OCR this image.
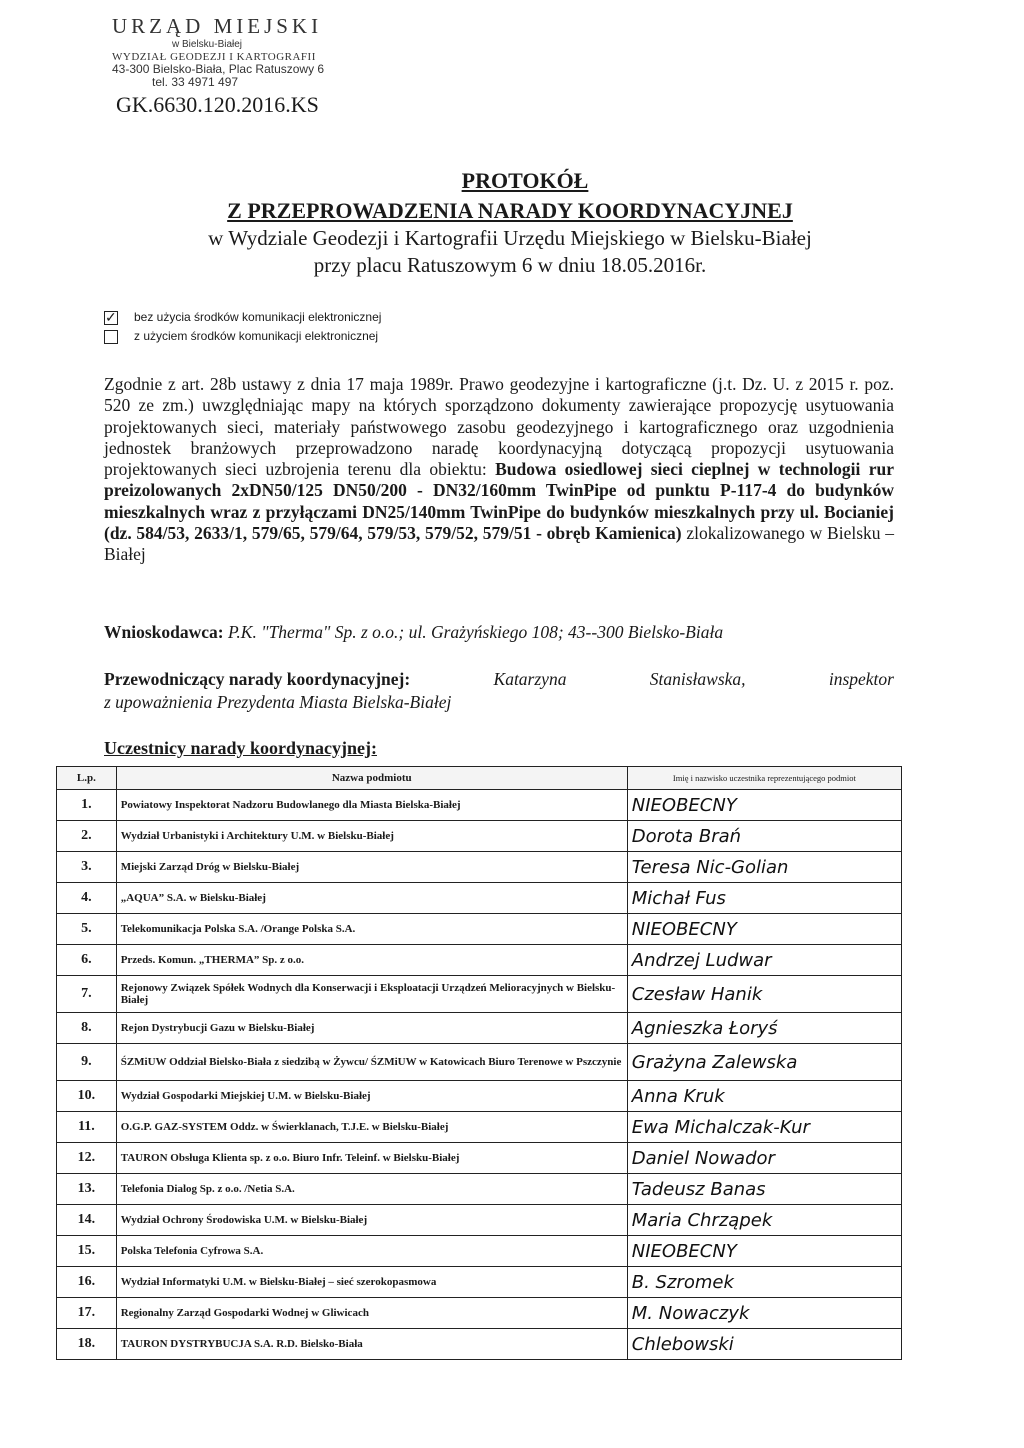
URZĄD MIEJSKI
w Bielsku-Białej
WYDZIAŁ GEODEZJI I KARTOGRAFII
43-300 Bielsko-Biała, Plac Ratuszowy 6
tel. 33 4971 497
GK.6630.120.2016.KS
PROTOKÓŁ
Z PRZEPROWADZENIA NARADY KOORDYNACYJNEJ
w Wydziale Geodezji i Kartografii Urzędu Miejskiego w Bielsku-Białej
przy placu Ratuszowym 6 w dniu 18.05.2016r.
✓
bez użycia środków komunikacji elektronicznej
z użyciem środków komunikacji elektronicznej
Zgodnie z art. 28b ustawy z dnia 17 maja 1989r. Prawo geodezyjne i kartograficzne (j.t. Dz. U. z 2015 r. poz. 520 ze zm.) uwzględniając mapy na których sporządzono dokumenty zawierające propozycję usytuowania projektowanych sieci, materiały państwowego zasobu geodezyjnego i kartograficznego oraz uzgodnienia jednostek branżowych przeprowadzono naradę koordynacyjną dotyczącą propozycji usytuowania projektowanych sieci uzbrojenia terenu dla obiektu: Budowa osiedlowej sieci cieplnej w technologii rur preizolowanych 2xDN50/125 DN50/200 - DN32/160mm TwinPipe od punktu P-117-4 do budynków mieszkalnych wraz z przyłączami DN25/140mm TwinPipe do budynków mieszkalnych przy ul. Bocianiej (dz. 584/53, 2633/1, 579/65, 579/64, 579/53, 579/52, 579/51 - obręb Kamienica) zlokalizowanego w Bielsku – Białej
Wnioskodawca: P.K. "Therma" Sp. z o.o.; ul. Grażyńskiego 108; 43--300 Bielsko-Biała
Przewodniczący narady koordynacyjnej:	Katarzyna	Stanisławska,	inspektor
z upoważnienia Prezydenta Miasta Bielska-Białej
Uczestnicy narady koordynacyjnej:
L.p.	Nazwa podmiotu	Imię i nazwisko uczestnika reprezentującego podmiot
1.	Powiatowy Inspektorat Nadzoru Budowlanego dla Miasta Bielska-Białej	NIEOBECNY
2.	Wydział Urbanistyki i Architektury U.M. w Bielsku-Białej	Dorota Brań
3.	Miejski Zarząd Dróg w Bielsku-Białej	Teresa Nic-Golian
4.	„AQUA” S.A. w Bielsku-Białej	Michał Fus
5.	Telekomunikacja Polska S.A. /Orange Polska S.A.	NIEOBECNY
6.	Przeds. Komun. „THERMA” Sp. z o.o.	Andrzej Ludwar
7.	Rejonowy Związek Spółek Wodnych dla Konserwacji i Eksploatacji Urządzeń Melioracyjnych w Bielsku-Białej	Czesław Hanik
8.	Rejon Dystrybucji Gazu w Bielsku-Białej	Agnieszka Łoryś
9.	ŚZMiUW Oddział Bielsko-Biała z siedzibą w Żywcu/ ŚZMiUW w Katowicach Biuro Terenowe w Pszczynie	Grażyna Zalewska
10.	Wydział Gospodarki Miejskiej U.M. w Bielsku-Białej	Anna Kruk
11.	O.G.P. GAZ-SYSTEM Oddz. w Świerklanach, T.J.E. w Bielsku-Białej	Ewa Michalczak-Kur
12.	TAURON Obsługa Klienta sp. z o.o. Biuro Infr. Teleinf. w Bielsku-Białej	Daniel Nowador
13.	Telefonia Dialog Sp. z o.o. /Netia S.A.	Tadeusz Banas
14.	Wydział Ochrony Środowiska U.M. w Bielsku-Białej	Maria Chrząpek
15.	Polska Telefonia Cyfrowa S.A.	NIEOBECNY
16.	Wydział Informatyki U.M. w Bielsku-Białej – sieć szerokopasmowa	B. Szromek
17.	Regionalny Zarząd Gospodarki Wodnej w Gliwicach	M. Nowaczyk
18.	TAURON DYSTRYBUCJA S.A. R.D. Bielsko-Biała	Chlebowski
